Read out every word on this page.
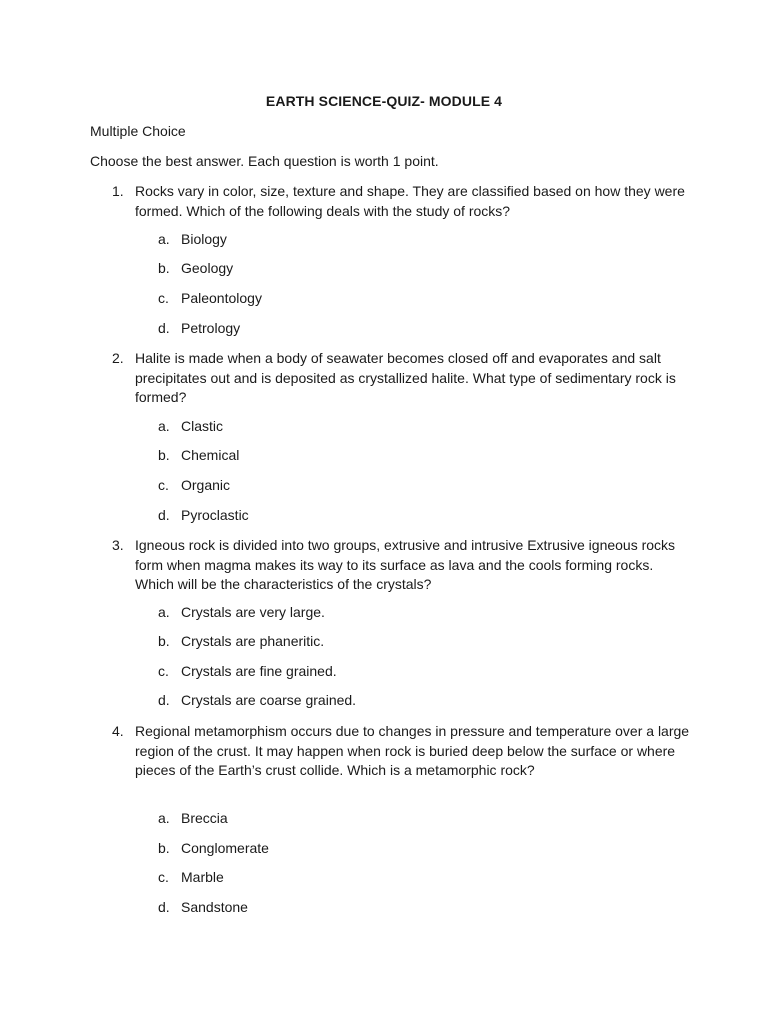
EARTH SCIENCE-QUIZ- MODULE 4
Multiple Choice
Choose the best answer. Each question is worth 1 point.
1. Rocks vary in color, size, texture and shape. They are classified based on how they were formed. Which of the following deals with the study of rocks?
a. Biology
b. Geology
c. Paleontology
d. Petrology
2. Halite is made when a body of seawater becomes closed off and evaporates and salt precipitates out and is deposited as crystallized halite. What type of sedimentary rock is formed?
a. Clastic
b. Chemical
c. Organic
d. Pyroclastic
3. Igneous rock is divided into two groups, extrusive and intrusive Extrusive igneous rocks form when magma makes its way to its surface as lava and the cools forming rocks. Which will be the characteristics of the crystals?
a. Crystals are very large.
b. Crystals are phaneritic.
c. Crystals are fine grained.
d. Crystals are coarse grained.
4. Regional metamorphism occurs due to changes in pressure and temperature over a large region of the crust. It may happen when rock is buried deep below the surface or where pieces of the Earth’s crust collide. Which is a metamorphic rock?
a. Breccia
b. Conglomerate
c. Marble
d. Sandstone
